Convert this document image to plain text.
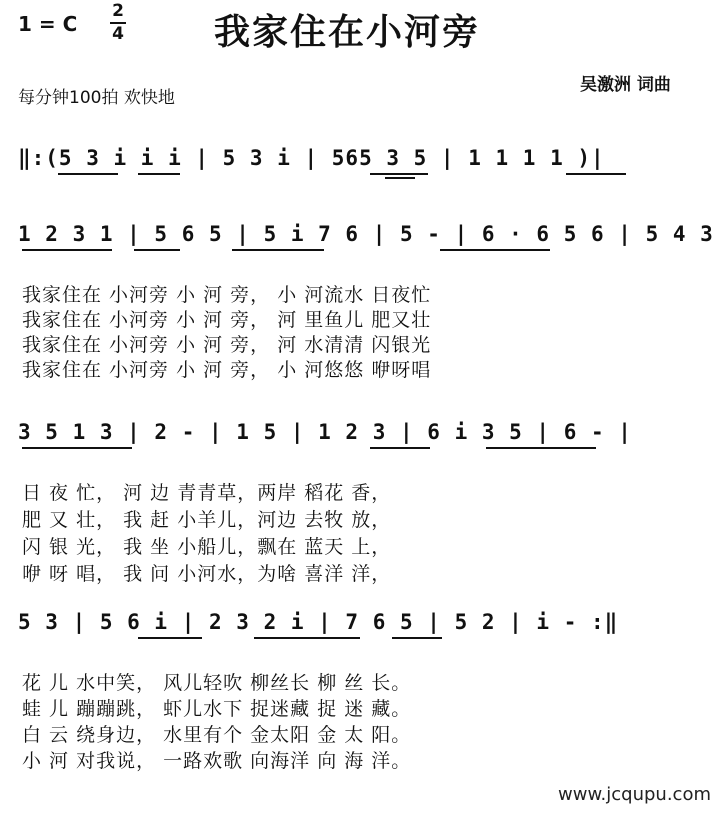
1 = C
2
4	我家住在小河旁
每分钟100拍 欢快地
吴激洲 词曲
‖:(5 3 i i i | 5 3 i | 565 3 5 | 1 1 1 1 )|
1 2 3 1 | 5 6 5 | 5 i 7 6 | 5 - | 6 · 6 5 6 | 5 4 3
我家住在 小河旁 小 河 旁， 小 河流水 日夜忙
我家住在 小河旁 小 河 旁， 河 里鱼儿 肥又壮
我家住在 小河旁 小 河 旁， 河 水清清 闪银光
我家住在 小河旁 小 河 旁， 小 河悠悠 咿呀唱
3 5 1 3 | 2 - | 1 5 | 1 2 3 | 6 i 3 5 | 6 - |
日 夜 忙， 河 边 青青草，两岸 稻花 香，
肥 又 壮， 我 赶 小羊儿，河边 去牧 放，
闪 银 光， 我 坐 小船儿，飘在 蓝天 上，
咿 呀 唱， 我 问 小河水，为啥 喜洋 洋，
5 3 | 5 6 i | 2 3 2 i | 7 6 5 | 5 2 | i - :‖
花 儿 水中笑， 风儿轻吹 柳丝长 柳 丝 长。
蛙 儿 蹦蹦跳， 虾儿水下 捉迷藏 捉 迷 藏。
白 云 绕身边， 水里有个 金太阳 金 太 阳。
小 河 对我说， 一路欢歌 向海洋 向 海 洋。
www.jcqupu.com
